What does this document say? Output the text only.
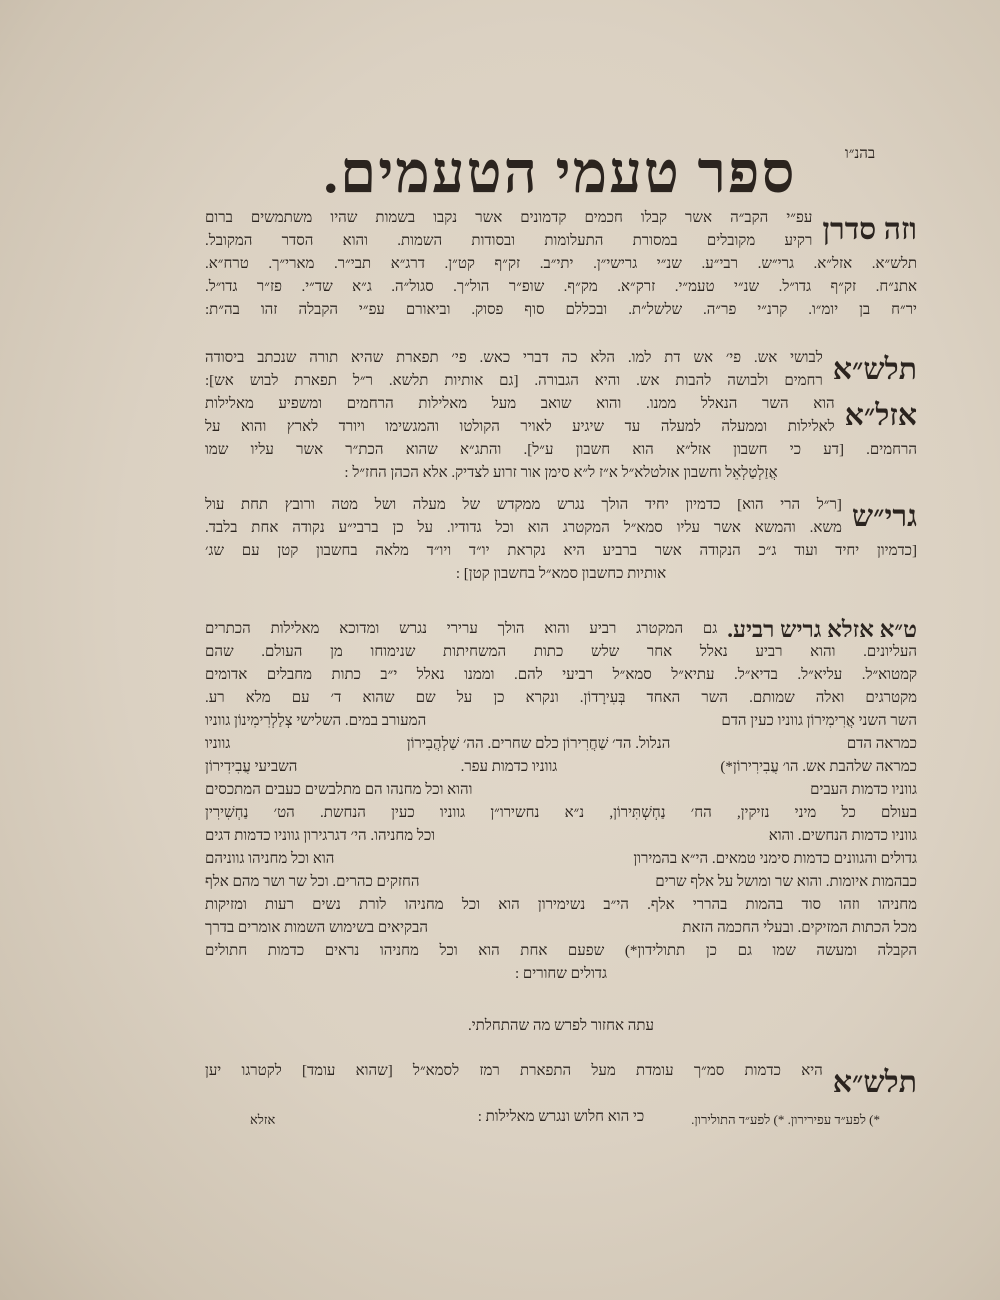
בהנ״ו
ספר טעמי הטעמים.
וזה סדרן
עפ״י הקב״ה אשר קבלו חכמים קדמונים אשר נקבו בשמות שהיו משתמשים ברום
רקיע מקובלים במסורת התעלומות ובסודות השמות. והוא הסדר המקובל.
תלש״א. אזל״א. גרי״ש. רבי״ע. שנ״י גרישי״ן. יתי״ב. זק״ף קט״ן. דרג״א תבי״ר. מארי״ך. טרח״א.
אתנ״ח. זק״ף גדו״ל. שנ״י טעמ״י. זרק״א. מק״ף. שופ״ר הול״ך. סגול״ה. ג״א שד״י. פז״ר גדו״ל.
יר״ח בן יומ״ו. קרנ״י פר״ה. שלשל״ת. ובכללם סוף פסוק. וביאורם עפ״י הקבלה זהו בה״ת:
תלש״א
לבושי אש. פי׳ אש דת למו. הלא כה דברי כאש. פי׳ תפארת שהיא תורה שנכתב ביסודה
רחמים ולבושה להבות אש. והיא הגבורה. [גם אותיות תלשא. ר״ל תפארת לבוש אש]:
אזל״א
הוא השר הנאלל ממנו. והוא שואב מעל מאלילות הרחמים ומשפיע מאלילות
לאלילות וממעלה למעלה עד שיגיע לאויר הקולטו והמגשימו ויורד לארץ והוא על
הרחמים. [דע כי חשבון אזל״א הוא חשבון ע״ל]. והתג״א שהוא הכת״ר אשר עליו שמו
אֲזַלְטַלְאֵל וחשבון אזלטלא״ל א״ז ל״א סימן אור זרוע לצדיק. אלא הכהן החז״ל :
גרי״ש
[ר״ל הרי הוא] כדמיון יחיד הולך נגרש ממקדש של מעלה ושל מטה ורובץ תחת עול
משא. והמשא אשר עליו סמא״ל המקטרג הוא וכל גדודיו. על כן ברבי״ע נקודה אחת בלבד.
[כדמיון יחיד ועוד ג״כ הנקודה אשר ברביע היא נקראת יו״ד ויו״ד מלאה בחשבון קטן עם שג׳
אותיות כחשבון סמא״ל בחשבון קטן] :
ט״א אזלא גריש רביע.
גם המקטרג רביע והוא הולך ערירי נגרש ומדוכא מאלילות הכתרים
העליונים. והוא רביע נאלל אחר שלש כתות המשחיתות שנימוחו מן העולם. שהם
קמטוא״ל. עליא״ל. בדיא״ל. עתיא״ל סמא״ל רביעי להם. וממנו נאלל י״ב כתות מחבלים אדומים
מקטרגים ואלה שמותם. השר האחד בְּעִירָדוֹן. ונקרא כן על שם שהוא ד׳ עם מלא רע.
השר השני אֲרִימִירוֹן גווניו כעין הדם
המעורב במים. השלישי צְלַלְרִימִינוֹן גווניו
כמראה הדם
הנלול. הד׳ שַׁחֲרִירוֹן כלם שחרים. הה׳ שַׁלְהֲבִירוֹן
גווניו
כמראה שלהבת אש. הו׳ עֲבִירִירוֹן*)
גווניו כדמות עפר.
השביעי עֲבִידִירוֹן
גווניו כדמות העבים
והוא וכל מחנהו הם מתלבשים כעבים המתכסים
בעולם כל מיני נזיקין, הח׳ נַחְשְׁתִּירוֹן, נ״א נחשירו״ן גווניו כעין הנחשת. הט׳ נַחְשִׁירִין
גווניו כדמות הנחשים. והוא
וכל מחניהו. הי׳ דגרגירון גווניו כדמות דגים
גדולים והגוונים כדמות סימני טמאים. הי״א בהמירון
הוא וכל מחניהו גווניהם
כבהמות איומות. והוא שר ומושל על אלף שרים
החזקים כהרים. וכל שר ושר מהם אלף
מחניהו וזהו סוד בהמות בהררי אלף. הי״ב נשימירון הוא וכל מחניהו לורת נשים רעות ומזיקות
מכל הכתות המזיקים. ובעלי החכמה הזאת
הבקיאים בשימוש השמות אומרים בדרך
הקבלה ומעשה שמו גם כן תתולידון*) שפעם אחת הוא וכל מחניהו נראים כדמות חתולים
גדולים שחורים :
עתה אחזור לפרש מה שהתחלתי.
תלש״א
היא כדמות סמ״ך עומדת מעל התפארת רמז לסמא״ל [שהוא עומד] לקטרגו יען
כי הוא חלוש ונגרש מאלילות :	*) לפע״ד עפירירון. *) לפע״ד התולירון.
אזלא
